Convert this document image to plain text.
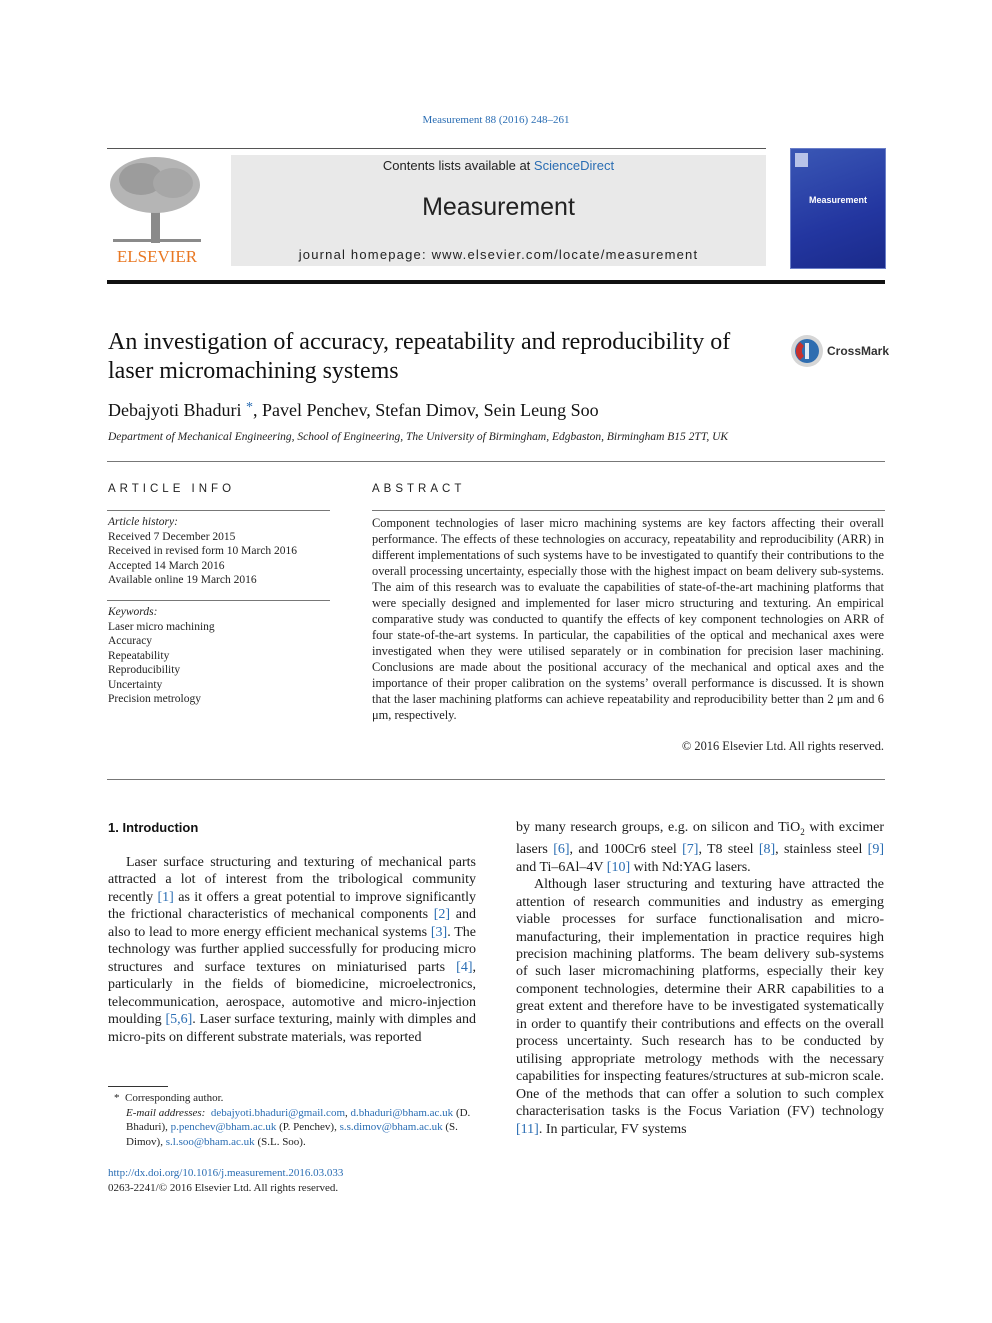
Measurement 88 (2016) 248–261
ELSEVIER
Contents lists available at ScienceDirect
Measurement
journal homepage: www.elsevier.com/locate/measurement
Measurement
An investigation of accuracy, repeatability and reproducibility of laser micromachining systems
CrossMark
Debajyoti Bhaduri *, Pavel Penchev, Stefan Dimov, Sein Leung Soo
Department of Mechanical Engineering, School of Engineering, The University of Birmingham, Edgbaston, Birmingham B15 2TT, UK
ARTICLE INFO
Article history:
Received 7 December 2015
Received in revised form 10 March 2016
Accepted 14 March 2016
Available online 19 March 2016
Keywords:
Laser micro machining
Accuracy
Repeatability
Reproducibility
Uncertainty
Precision metrology
ABSTRACT
Component technologies of laser micro machining systems are key factors affecting their overall performance. The effects of these technologies on accuracy, repeatability and reproducibility (ARR) in different implementations of such systems have to be investigated to quantify their contributions to the overall processing uncertainty, especially those with the highest impact on beam delivery sub-systems. The aim of this research was to evaluate the capabilities of state-of-the-art machining platforms that were specially designed and implemented for laser micro structuring and texturing. An empirical comparative study was conducted to quantify the effects of key component technologies on ARR of four state-of-the-art systems. In particular, the capabilities of the optical and mechanical axes were investigated when they were utilised separately or in combination for precision laser machining. Conclusions are made about the positional accuracy of the mechanical and optical axes and the importance of their proper calibration on the systems’ overall performance is discussed. It is shown that the laser machining platforms can achieve repeatability and reproducibility better than 2 μm and 6 μm, respectively.
© 2016 Elsevier Ltd. All rights reserved.
1. Introduction

Laser surface structuring and texturing of mechanical parts attracted a lot of interest from the tribological community recently [1] as it offers a great potential to improve significantly the frictional characteristics of mechanical components [2] and also to lead to more energy efficient mechanical systems [3]. The technology was further applied successfully for producing micro structures and surface textures on miniaturised parts [4], particularly in the fields of biomedicine, microelectronics, telecommunication, aerospace, automotive and micro-injection moulding [5,6]. Laser surface texturing, mainly with dimples and micro-pits on different substrate materials, was reported

by many research groups, e.g. on silicon and TiO$_2$ with excimer lasers [6], and 100Cr6 steel [7], T8 steel [8], stainless steel [9] and Ti–6Al–4V [10] with Nd:YAG lasers.

Although laser structuring and texturing have attracted the attention of research communities and industry as emerging viable processes for surface functionalisation and micro-manufacturing, their implementation in practice requires high precision machining platforms. The beam delivery sub-systems of such laser micromachining platforms, especially their key component technologies, determine their ARR capabilities to a great extent and therefore have to be investigated systematically in order to quantify their contributions and effects on the overall process uncertainty. Such research has to be conducted by utilising appropriate metrology methods with the necessary capabilities for inspecting features/structures at sub-micron scale. One of the methods that can offer a solution to such complex characterisation tasks is the Focus Variation (FV) technology [11]. In particular, FV systems

* Corresponding author.
E-mail addresses: debajyoti.bhaduri@gmail.com, d.bhaduri@bham.ac.uk (D. Bhaduri), p.penchev@bham.ac.uk (P. Penchev), s.s.dimov@bham.ac.uk (S. Dimov), s.l.soo@bham.ac.uk (S.L. Soo).
http://dx.doi.org/10.1016/j.measurement.2016.03.033
0263-2241/© 2016 Elsevier Ltd. All rights reserved.
